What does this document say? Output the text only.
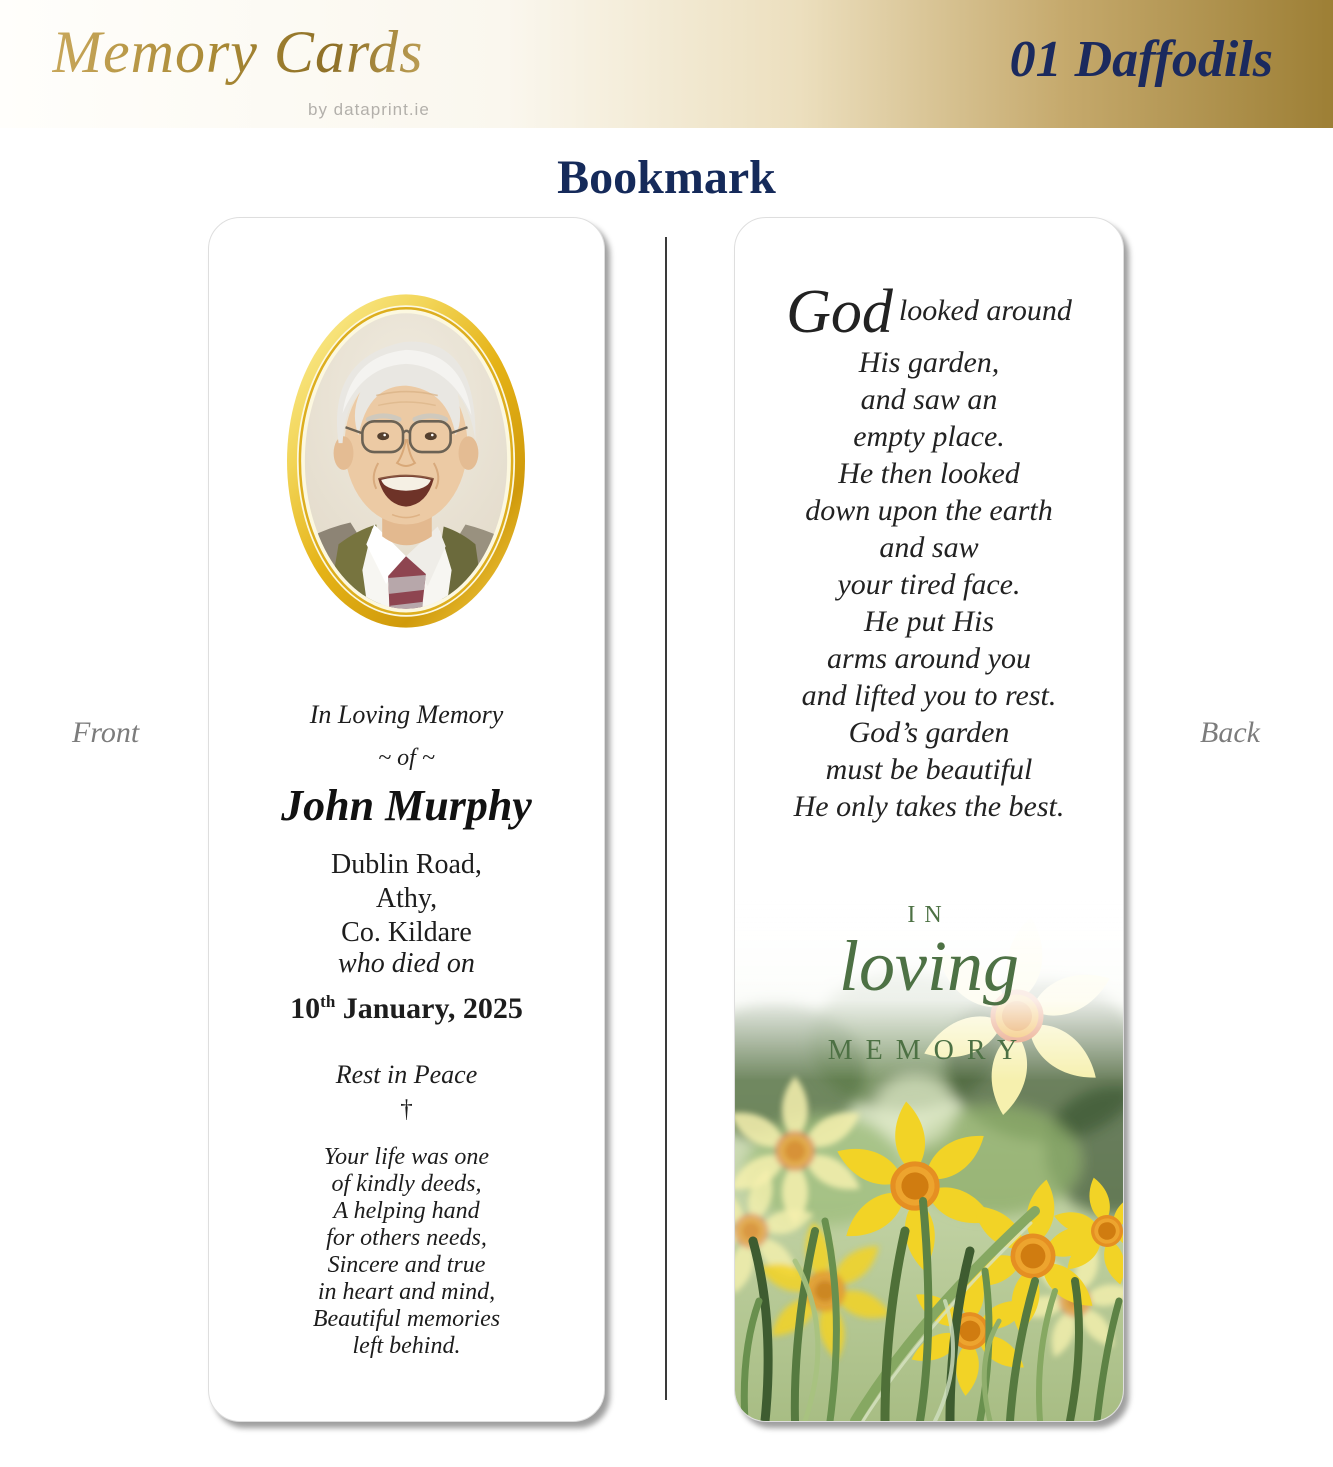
Memory Cards
by dataprint.ie
01 Daffodils
Bookmark
Front	Back
In Loving Memory
~ of ~
John Murphy
Dublin Road,
Athy,
Co. Kildare
who died on
10th January, 2025
Rest in Peace
†
Your life was one
of kindly deeds,
A helping hand
for others needs,
Sincere and true
in heart and mind,
Beautiful memories
left behind.
God looked around
His garden,
and saw an
empty place.
He then looked
down upon the earth
and saw
your tired face.
He put His
arms around you
and lifted you to rest.
God’s garden
must be beautiful
He only takes the best.
IN
loving
MEMORY
